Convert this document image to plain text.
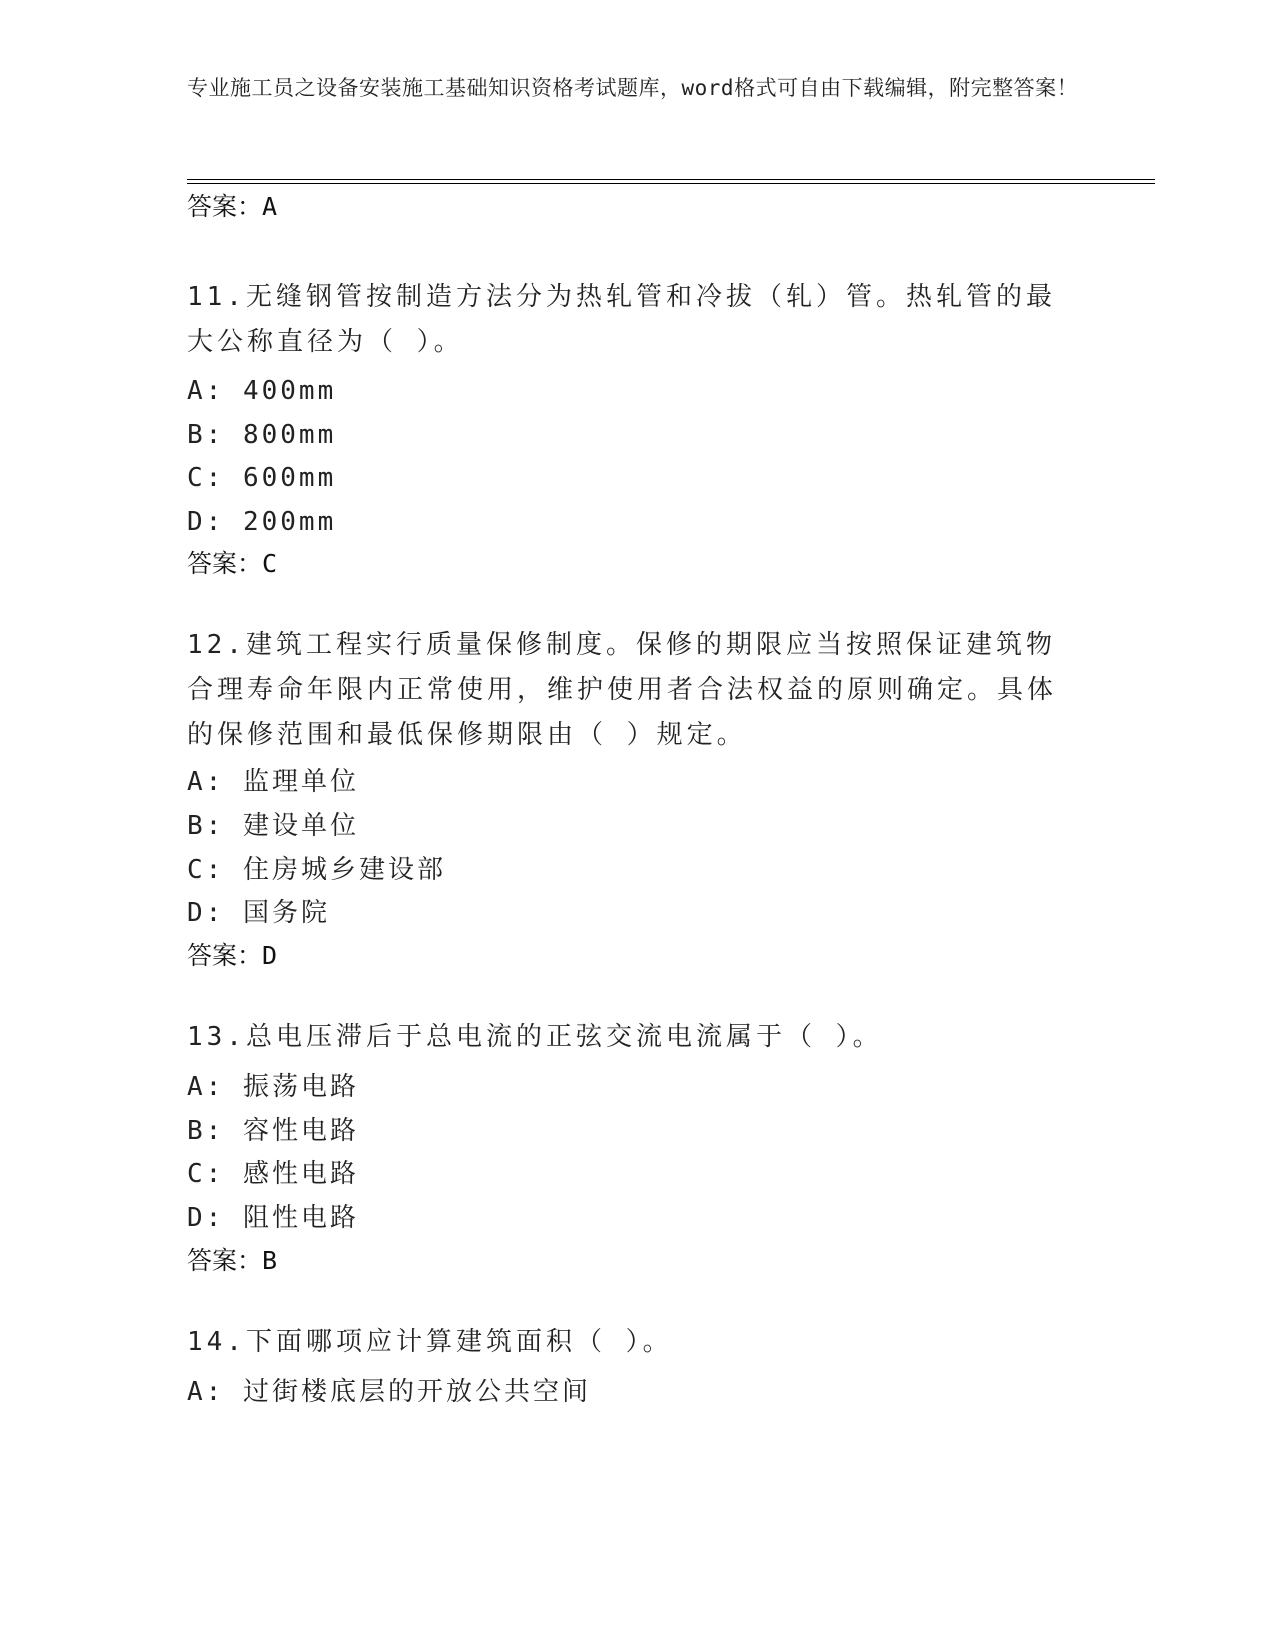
专业施工员之设备安装施工基础知识资格考试题库，word格式可自由下载编辑，附完整答案！
答案：A
11.无缝钢管按制造方法分为热轧管和冷拔（轧）管。热轧管的最大公称直径为（ ）。
A: 400mm
B: 800mm
C: 600mm
D: 200mm
答案：C
12.建筑工程实行质量保修制度。保修的期限应当按照保证建筑物合理寿命年限内正常使用，维护使用者合法权益的原则确定。具体的保修范围和最低保修期限由（ ）规定。
A: 监理单位
B: 建设单位
C: 住房城乡建设部
D: 国务院
答案：D
13.总电压滞后于总电流的正弦交流电流属于（ ）。
A: 振荡电路
B: 容性电路
C: 感性电路
D: 阻性电路
答案：B
14.下面哪项应计算建筑面积（ ）。
A: 过街楼底层的开放公共空间
